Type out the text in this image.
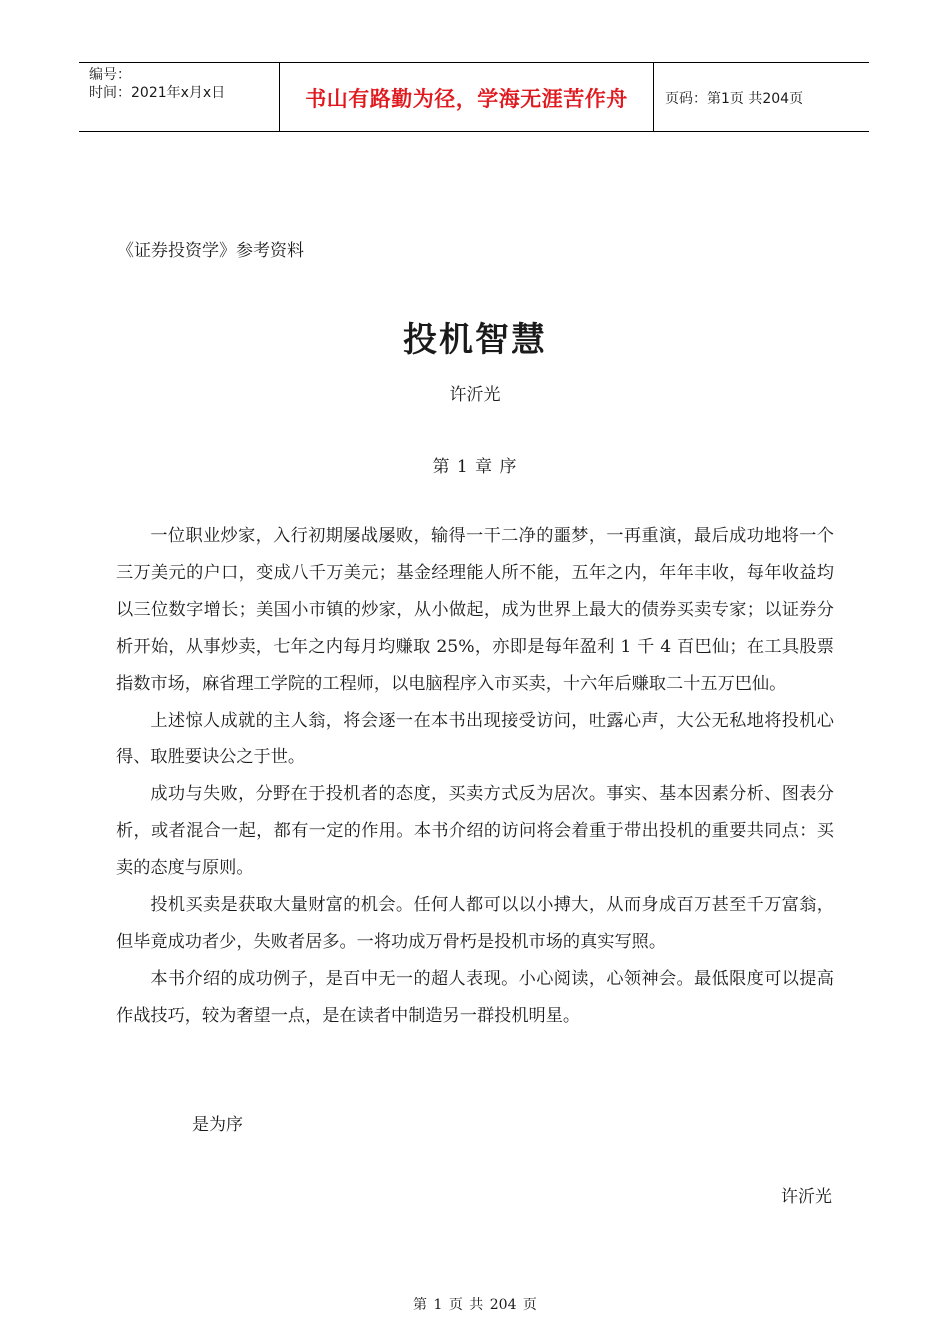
编号：
时间：2021年x月x日	书山有路勤为径，学海无涯苦作舟	页码：第1页 共204页
《证券投资学》参考资料
投机智慧
许沂光
第 1 章 序

一位职业炒家，入行初期屡战屡败，输得一干二净的噩梦，一再重演，最后成功地将一个三万美元的户口，变成八千万美元；基金经理能人所不能，五年之内，年年丰收，每年收益均以三位数字增长；美国小市镇的炒家，从小做起，成为世界上最大的债券买卖专家；以证券分析开始，从事炒卖，七年之内每月均赚取 25%，亦即是每年盈利 1 千 4 百巴仙；在工具股票指数市场，麻省理工学院的工程师，以电脑程序入市买卖，十六年后赚取二十五万巴仙。

上述惊人成就的主人翁，将会逐一在本书出现接受访问，吐露心声，大公无私地将投机心得、取胜要诀公之于世。

成功与失败，分野在于投机者的态度，买卖方式反为居次。事实、基本因素分析、图表分析，或者混合一起，都有一定的作用。本书介绍的访问将会着重于带出投机的重要共同点：买卖的态度与原则。

投机买卖是获取大量财富的机会。任何人都可以以小搏大，从而身成百万甚至千万富翁，但毕竟成功者少，失败者居多。一将功成万骨朽是投机市场的真实写照。

本书介绍的成功例子，是百中无一的超人表现。小心阅读，心领神会。最低限度可以提高作战技巧，较为奢望一点，是在读者中制造另一群投机明星。

是为序
许沂光
第 1 页 共 204 页
